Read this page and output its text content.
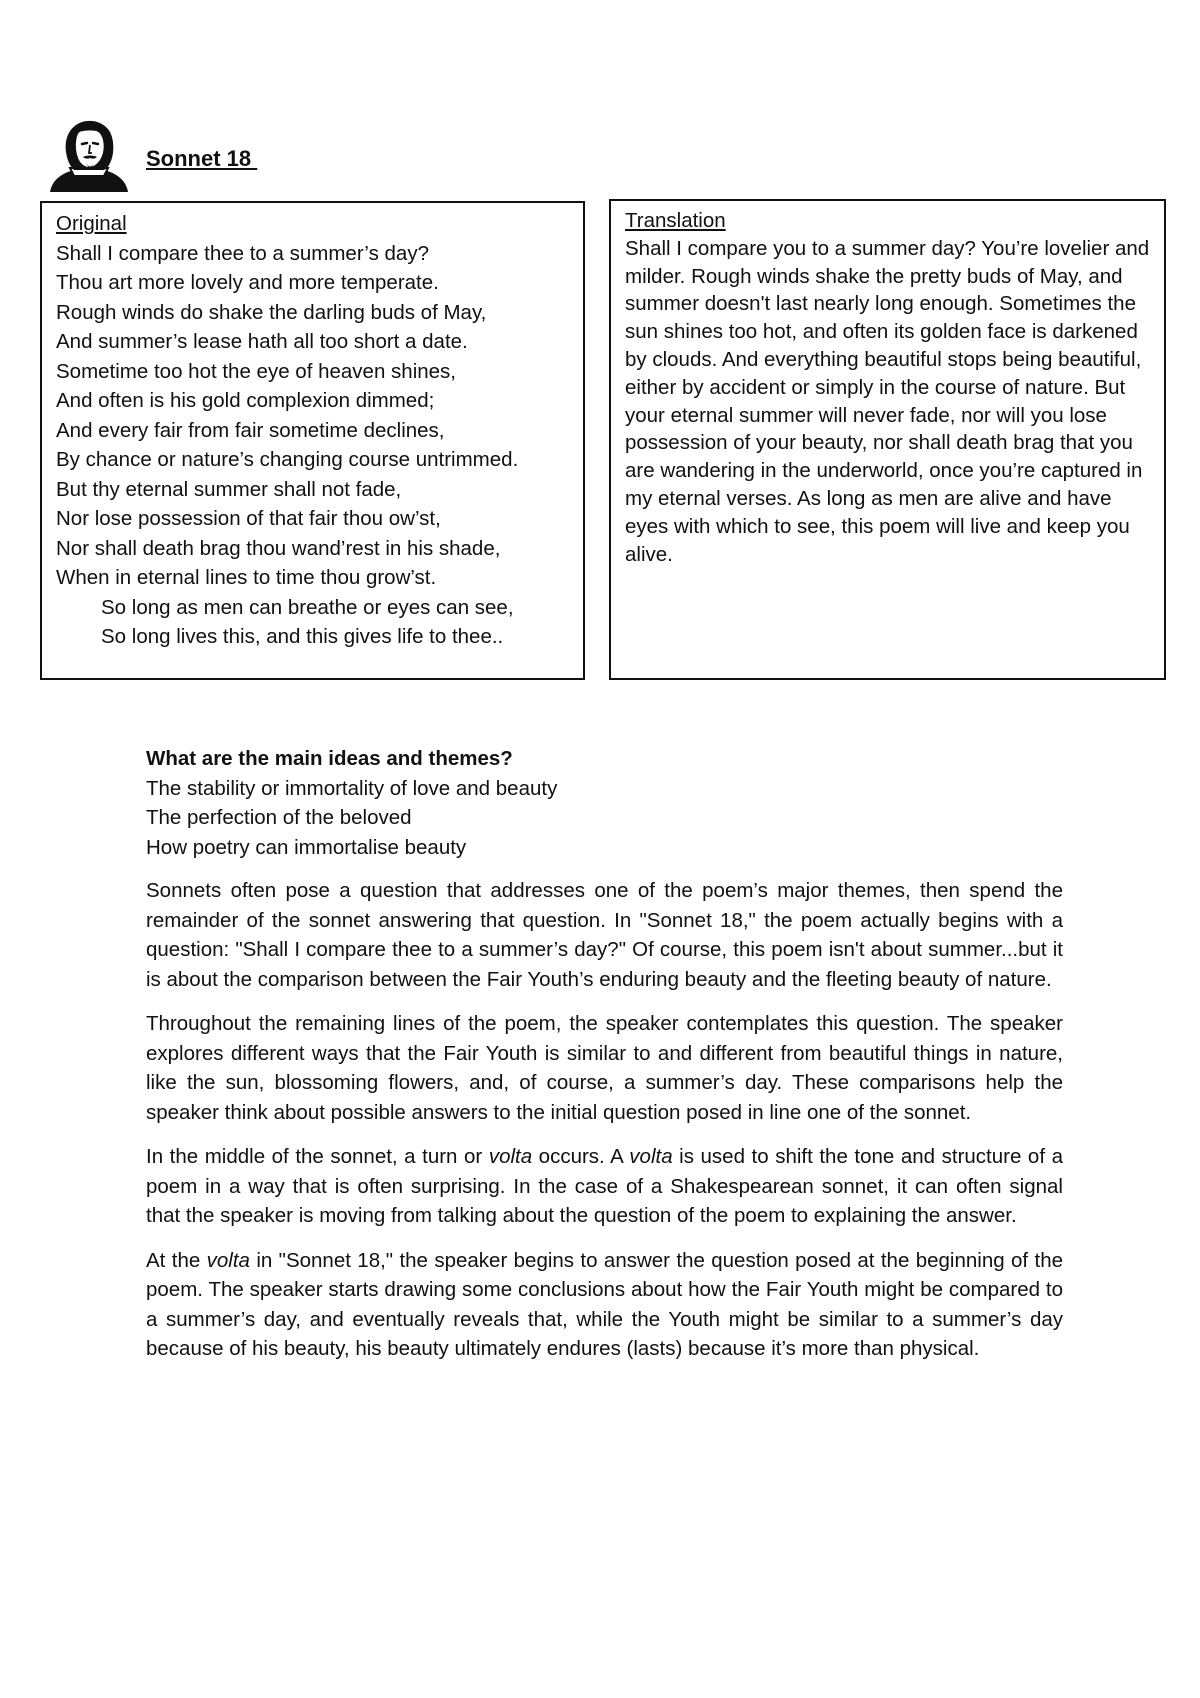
Sonnet 18
Original
Shall I compare thee to a summer’s day?
Thou art more lovely and more temperate.
Rough winds do shake the darling buds of May,
And summer’s lease hath all too short a date.
Sometime too hot the eye of heaven shines,
And often is his gold complexion dimmed;
And every fair from fair sometime declines,
By chance or nature’s changing course untrimmed.
But thy eternal summer shall not fade,
Nor lose possession of that fair thou ow’st,
Nor shall death brag thou wand’rest in his shade,
When in eternal lines to time thou grow’st.
So long as men can breathe or eyes can see,
So long lives this, and this gives life to thee..
Translation
Shall I compare you to a summer day? You’re lovelier and milder. Rough winds shake the pretty buds of May, and summer doesn't last nearly long enough. Sometimes the sun shines too hot, and often its golden face is darkened by clouds. And everything beautiful stops being beautiful, either by accident or simply in the course of nature. But your eternal summer will never fade, nor will you lose possession of your beauty, nor shall death brag that you are wandering in the underworld, once you’re captured in my eternal verses. As long as men are alive and have eyes with which to see, this poem will live and keep you alive.
What are the main ideas and themes?
The stability or immortality of love and beauty
The perfection of the beloved
How poetry can immortalise beauty

Sonnets often pose a question that addresses one of the poem’s major themes, then spend the remainder of the sonnet answering that question. In "Sonnet 18," the poem actually begins with a question: "Shall I compare thee to a summer’s day?" Of course, this poem isn't about summer...but it is about the comparison between the Fair Youth’s enduring beauty and the fleeting beauty of nature.

Throughout the remaining lines of the poem, the speaker contemplates this question. The speaker explores different ways that the Fair Youth is similar to and different from beautiful things in nature, like the sun, blossoming flowers, and, of course, a summer’s day. These comparisons help the speaker think about possible answers to the initial question posed in line one of the sonnet.

In the middle of the sonnet, a turn or volta occurs. A volta is used to shift the tone and structure of a poem in a way that is often surprising. In the case of a Shakespearean sonnet, it can often signal that the speaker is moving from talking about the question of the poem to explaining the answer.

At the volta in "Sonnet 18," the speaker begins to answer the question posed at the beginning of the poem. The speaker starts drawing some conclusions about how the Fair Youth might be compared to a summer’s day, and eventually reveals that, while the Youth might be similar to a summer’s day because of his beauty, his beauty ultimately endures (lasts) because it’s more than physical.
